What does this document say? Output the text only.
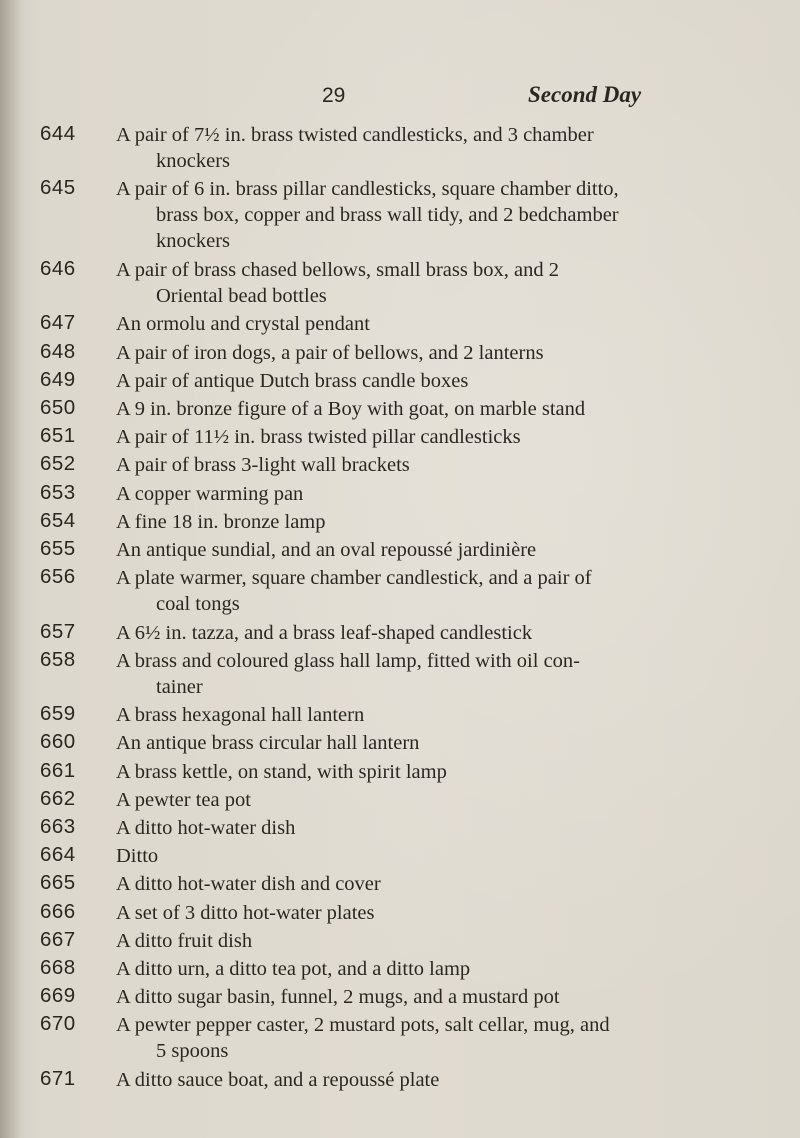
29	Second Day
644	A pair of 7½ in. brass twisted candlesticks, and 3 chamber
knockers
645	A pair of 6 in. brass pillar candlesticks, square chamber ditto,
brass box, copper and brass wall tidy, and 2 bedchamber
knockers
646	A pair of brass chased bellows, small brass box, and 2
Oriental bead bottles
647	An ormolu and crystal pendant
648	A pair of iron dogs, a pair of bellows, and 2 lanterns
649	A pair of antique Dutch brass candle boxes
650	A 9 in. bronze figure of a Boy with goat, on marble stand
651	A pair of 11½ in. brass twisted pillar candlesticks
652	A pair of brass 3-light wall brackets
653	A copper warming pan
654	A fine 18 in. bronze lamp
655	An antique sundial, and an oval repoussé jardinière
656	A plate warmer, square chamber candlestick, and a pair of
coal tongs
657	A 6½ in. tazza, and a brass leaf-shaped candlestick
658	A brass and coloured glass hall lamp, fitted with oil con-
tainer
659	A brass hexagonal hall lantern
660	An antique brass circular hall lantern
661	A brass kettle, on stand, with spirit lamp
662	A pewter tea pot
663	A ditto hot-water dish
664	Ditto
665	A ditto hot-water dish and cover
666	A set of 3 ditto hot-water plates
667	A ditto fruit dish
668	A ditto urn, a ditto tea pot, and a ditto lamp
669	A ditto sugar basin, funnel, 2 mugs, and a mustard pot
670	A pewter pepper caster, 2 mustard pots, salt cellar, mug, and
5 spoons
671	A ditto sauce boat, and a repoussé plate
